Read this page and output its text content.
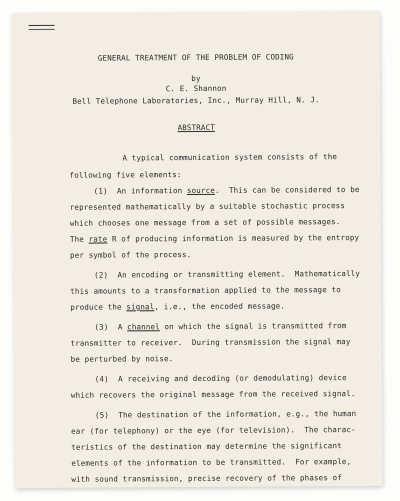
GENERAL TREATMENT OF THE PROBLEM OF CODING
by
C. E. Shannon
Bell Telephone Laboratories, Inc., Murray Hill, N. J.
ABSTRACT
A typical communication system consists of the
following five elements:
(1)  An information source.  This can be considered to be
represented mathematically by a suitable stochastic process
which chooses one message from a set of possible messages.
The rate R of producing information is measured by the entropy
per symbol of the process.
(2)  An encoding or transmitting element.  Mathematically
this amounts to a transformation applied to the message to
produce the signal, i.e., the encoded message.
(3)  A channel on which the signal is transmitted from
transmitter to receiver.  During transmission the signal may
be perturbed by noise.
(4)  A receiving and decoding (or demodulating) device
which recovers the original message from the received signal.
(5)  The destination of the information, e.g., the human
ear (for telephony) or the eye (for television).  The charac-
teristics of the destination may determine the significant
elements of the information to be transmitted.  For example,
with sound transmission, precise recovery of the phases of
